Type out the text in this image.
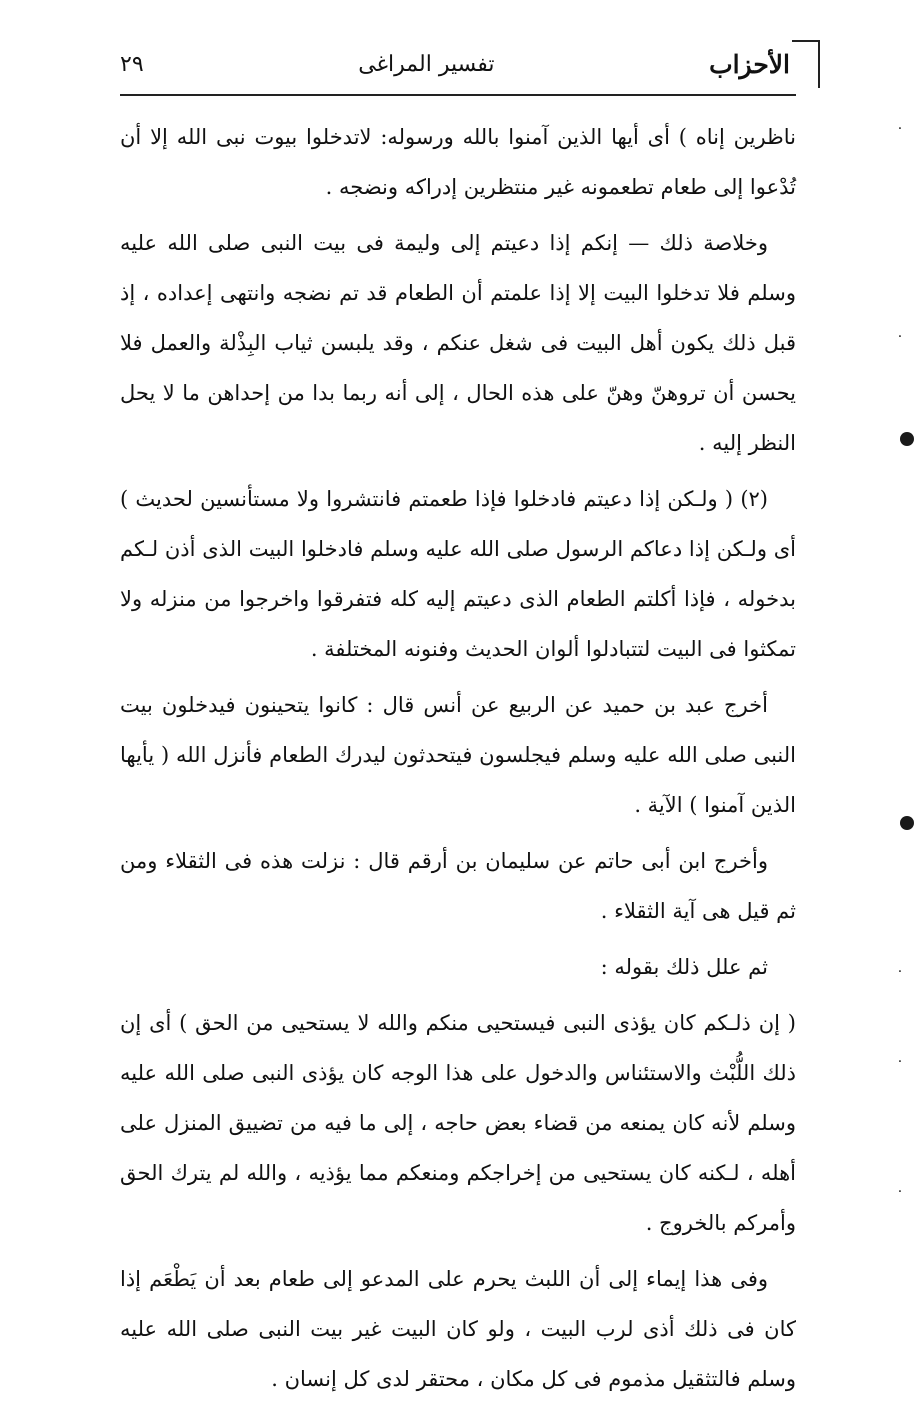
الأحزاب
تفسير المراغى
٢٩

ناظرين إناه ) أى أيها الذين آمنوا بالله ورسوله: لاتدخلوا بيوت نبى الله إلا أن تُدْعوا إلى طعام تطعمونه غير منتظرين إدراكه ونضجه .

وخلاصة ذلك — إنكم إذا دعيتم إلى وليمة فى بيت النبى صلى الله عليه وسلم فلا تدخلوا البيت إلا إذا علمتم أن الطعام قد تم نضجه وانتهى إعداده ، إذ قبل ذلك يكون أهل البيت فى شغل عنكم ، وقد يلبسن ثياب البِذْلة والعمل فلا يحسن أن تروهنّ وهنّ على هذه الحال ، إلى أنه ربما بدا من إحداهن ما لا يحل النظر إليه .

(٢) ( ولـكن إذا دعيتم فادخلوا فإذا طعمتم فانتشروا ولا مستأنسين لحديث ) أى ولـكن إذا دعاكم الرسول صلى الله عليه وسلم فادخلوا البيت الذى أذن لـكم بدخوله ، فإذا أكلتم الطعام الذى دعيتم إليه كله فتفرقوا واخرجوا من منزله ولا تمكثوا فى البيت لتتبادلوا ألوان الحديث وفنونه المختلفة .

أخرج عبد بن حميد عن الربيع عن أنس قال : كانوا يتحينون فيدخلون بيت النبى صلى الله عليه وسلم فيجلسون فيتحدثون ليدرك الطعام فأنزل الله ( يأيها الذين آمنوا ) الآية .

وأخرج ابن أبى حاتم عن سليمان بن أرقم قال : نزلت هذه فى الثقلاء ومن ثم قيل هى آية الثقلاء .

ثم علل ذلك بقوله :

( إن ذلـكم كان يؤذى النبى فيستحيى منكم والله لا يستحيى من الحق ) أى إن ذلك اللُّبْث والاستئناس والدخول على هذا الوجه كان يؤذى النبى صلى الله عليه وسلم لأنه كان يمنعه من قضاء بعض حاجه ، إلى ما فيه من تضييق المنزل على أهله ، لـكنه كان يستحيى من إخراجكم ومنعكم مما يؤذيه ، والله لم يترك الحق وأمركم بالخروج .

وفى هذا إيماء إلى أن اللبث يحرم على المدعو إلى طعام بعد أن يَطْعَم إذا كان فى ذلك أذى لرب البيت ، ولو كان البيت غير بيت النبى صلى الله عليه وسلم فالتثقيل مذموم فى كل مكان ، محتقر لدى كل إنسان .

·
·
·
·
·
